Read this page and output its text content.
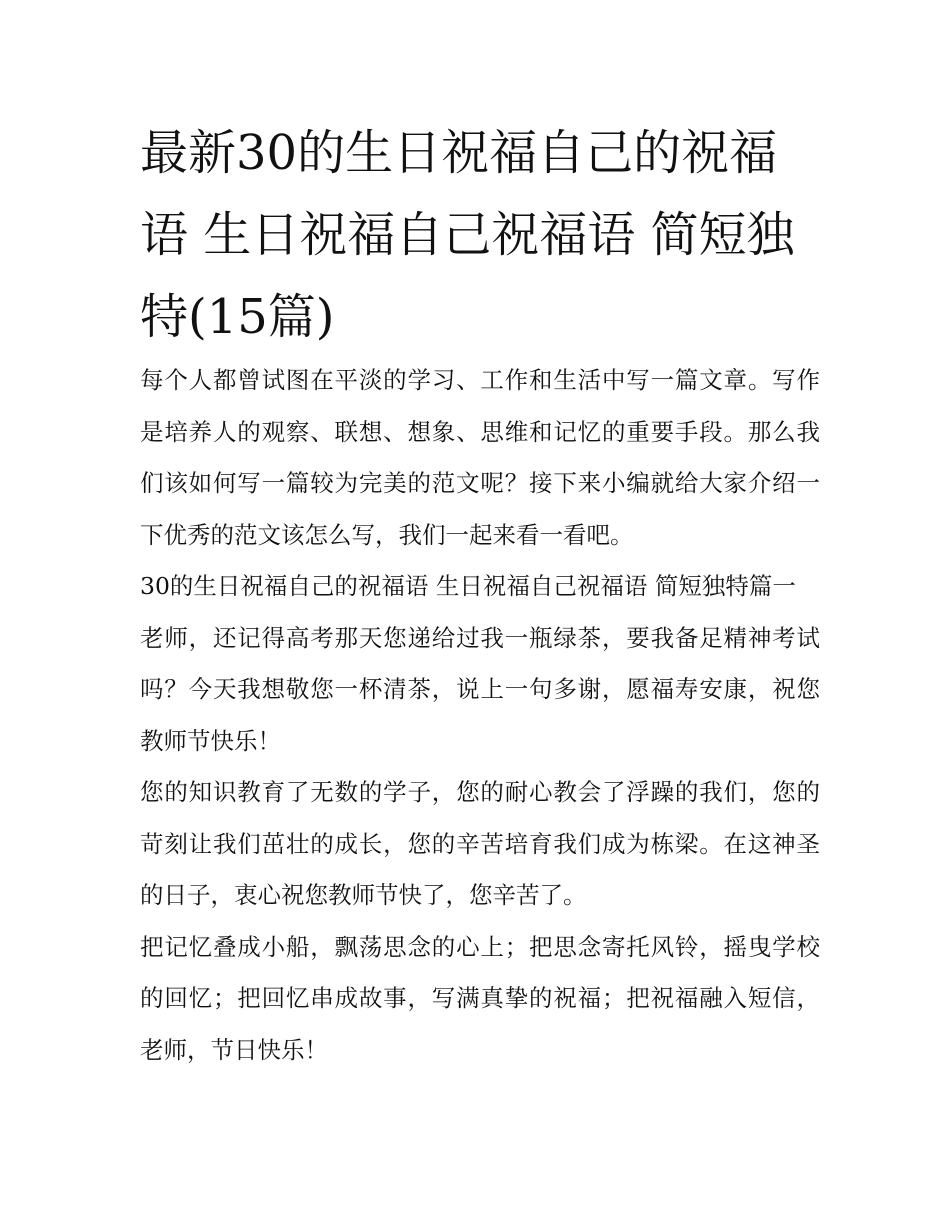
最新30的生日祝福自己的祝福语 生日祝福自己祝福语 简短独特(15篇)

每个人都曾试图在平淡的学习、工作和生活中写一篇文章。写作是培养人的观察、联想、想象、思维和记忆的重要手段。那么我们该如何写一篇较为完美的范文呢？接下来小编就给大家介绍一下优秀的范文该怎么写，我们一起来看一看吧。

30的生日祝福自己的祝福语 生日祝福自己祝福语 简短独特篇一

老师，还记得高考那天您递给过我一瓶绿茶，要我备足精神考试吗？今天我想敬您一杯清茶，说上一句多谢，愿福寿安康，祝您教师节快乐！

您的知识教育了无数的学子，您的耐心教会了浮躁的我们，您的苛刻让我们茁壮的成长，您的辛苦培育我们成为栋梁。在这神圣的日子，衷心祝您教师节快了，您辛苦了。

把记忆叠成小船，飘荡思念的心上；把思念寄托风铃，摇曳学校的回忆；把回忆串成故事，写满真挚的祝福；把祝福融入短信，老师，节日快乐！
